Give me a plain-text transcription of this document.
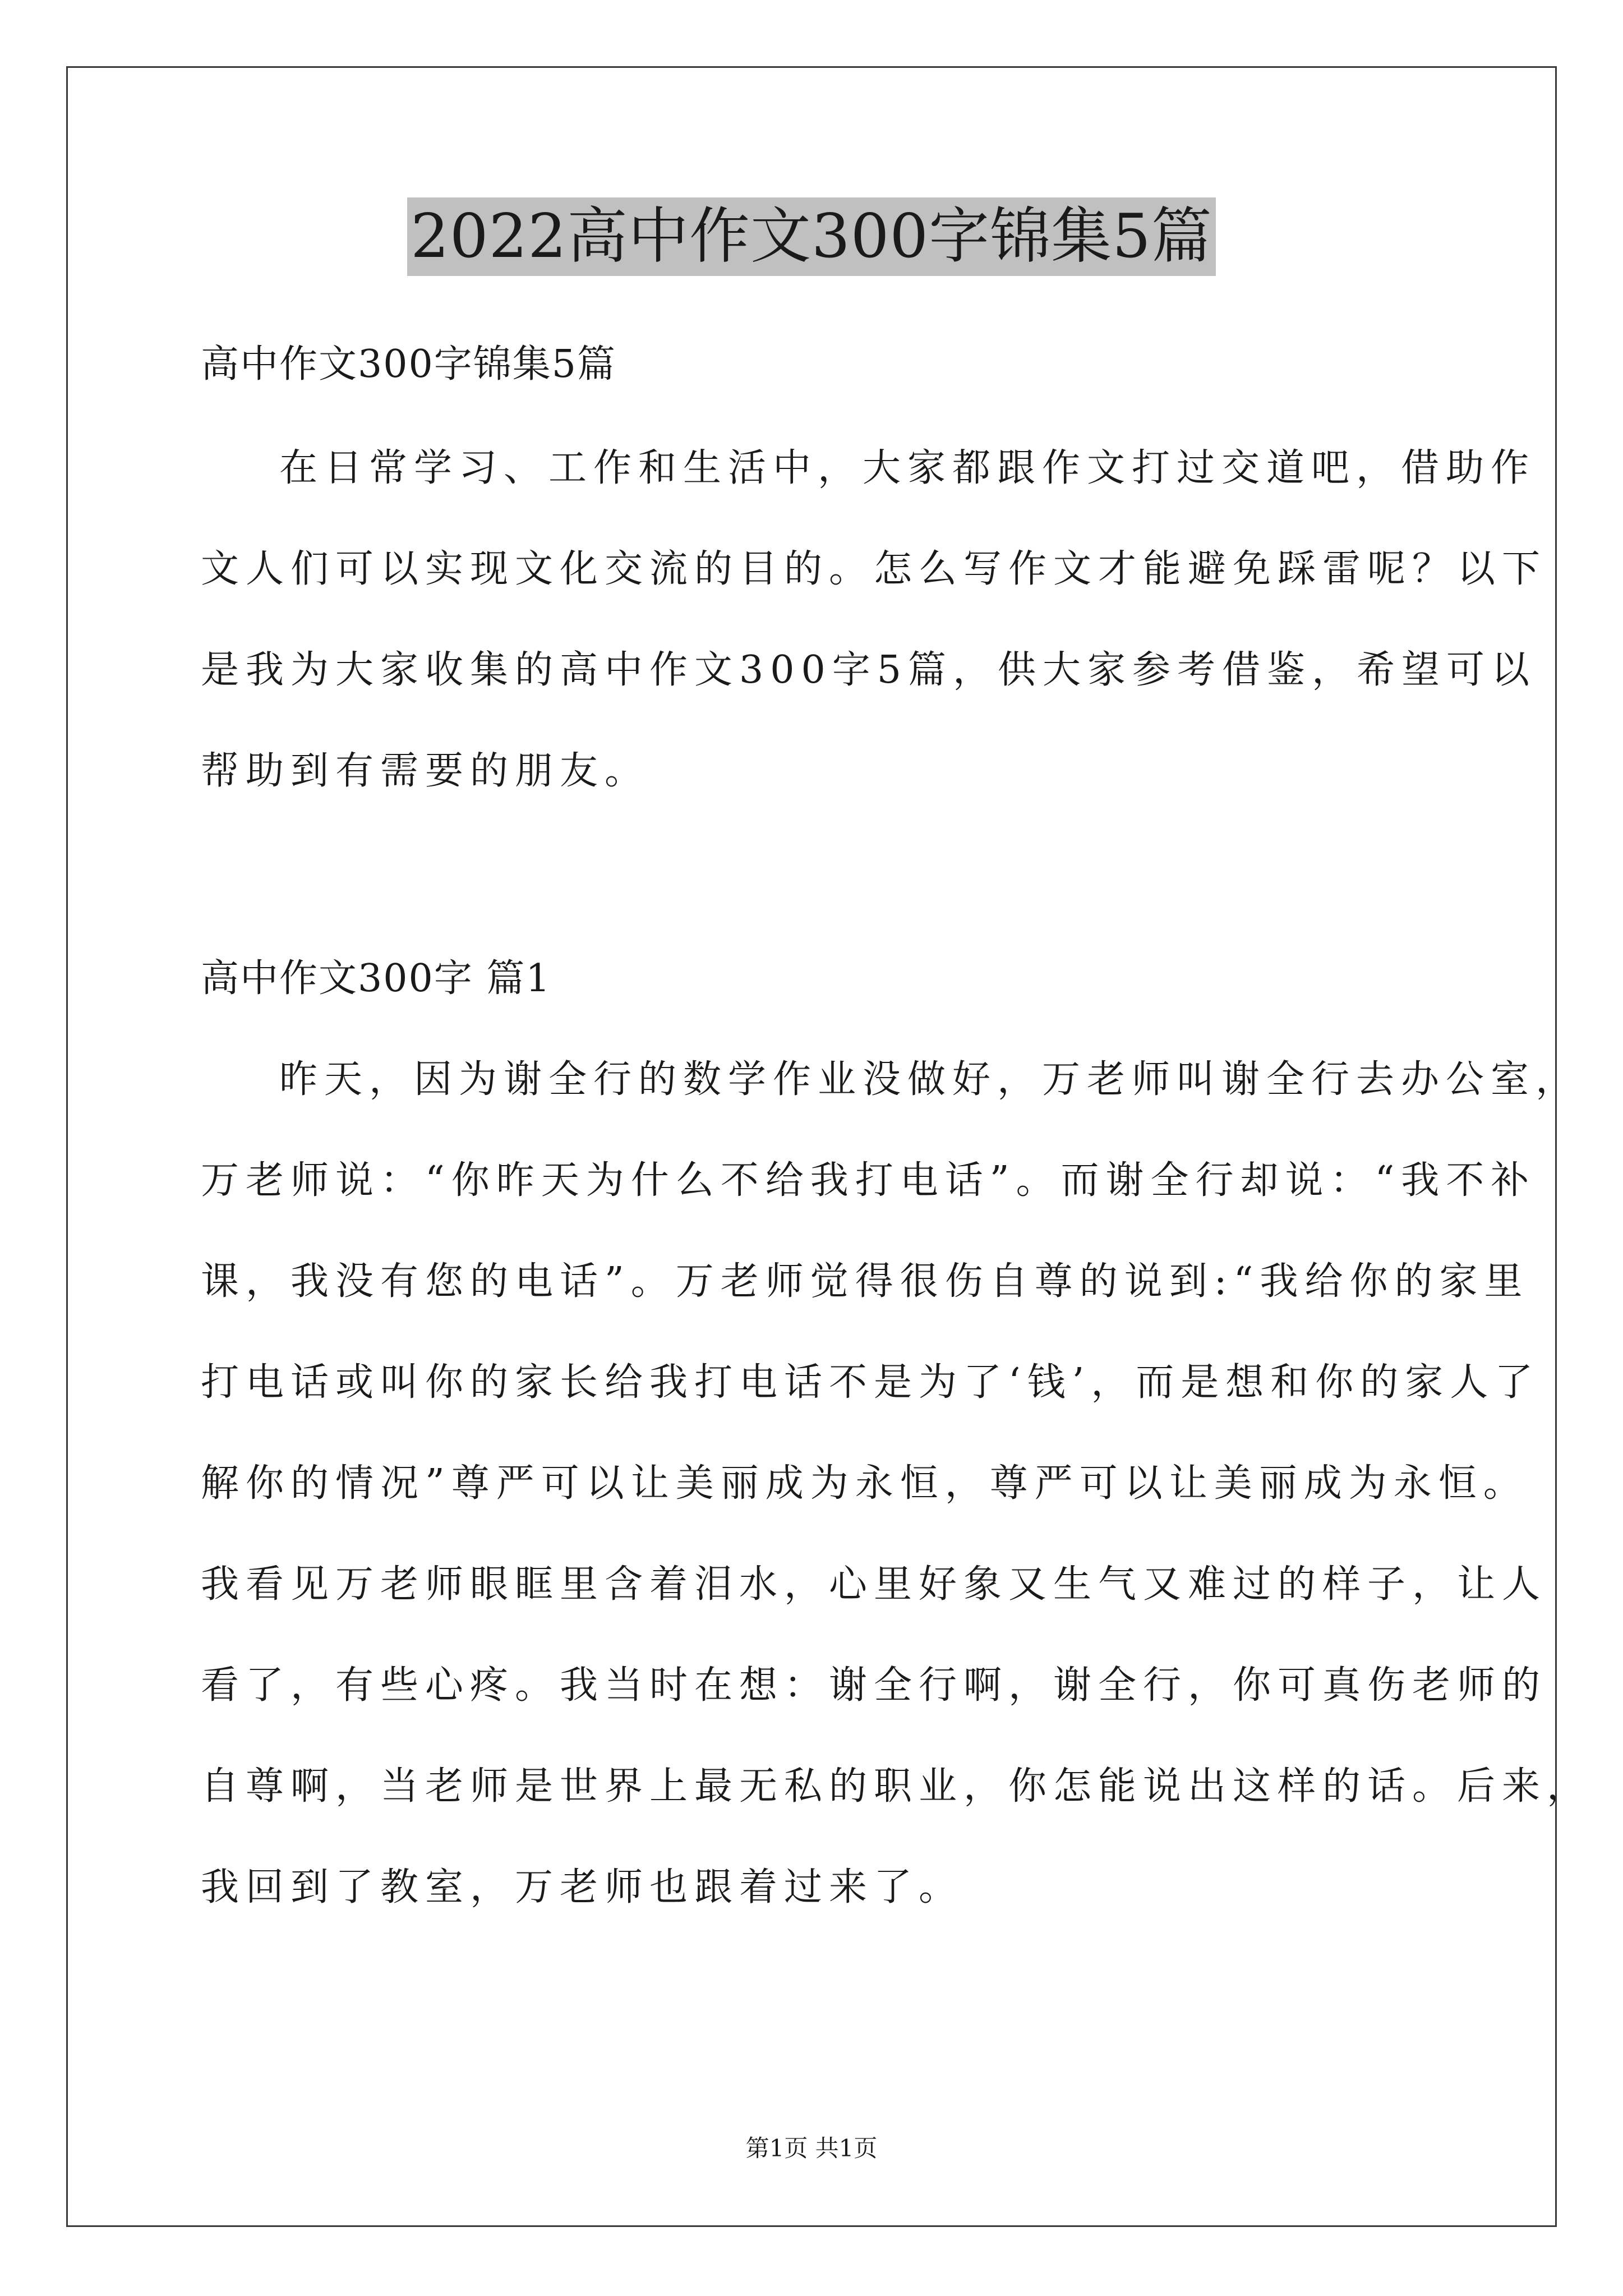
2022高中作文300字锦集5篇
高中作文300字锦集5篇
在日常学习、工作和生活中，大家都跟作文打过交道吧，借助作
文人们可以实现文化交流的目的。怎么写作文才能避免踩雷呢？以下
是我为大家收集的高中作文300字5篇，供大家参考借鉴，希望可以
帮助到有需要的朋友。
高中作文300字 篇1
昨天，因为谢全行的数学作业没做好，万老师叫谢全行去办公室，
万老师说：“你昨天为什么不给我打电话”。而谢全行却说：“我不补
课，我没有您的电话”。万老师觉得很伤自尊的说到:“我给你的家里
打电话或叫你的家长给我打电话不是为了‘钱’，而是想和你的家人了
解你的情况”尊严可以让美丽成为永恒，尊严可以让美丽成为永恒。
我看见万老师眼眶里含着泪水，心里好象又生气又难过的样子，让人
看了，有些心疼。我当时在想：谢全行啊，谢全行，你可真伤老师的
自尊啊，当老师是世界上最无私的职业，你怎能说出这样的话。后来，
我回到了教室，万老师也跟着过来了。
第1页 共1页
